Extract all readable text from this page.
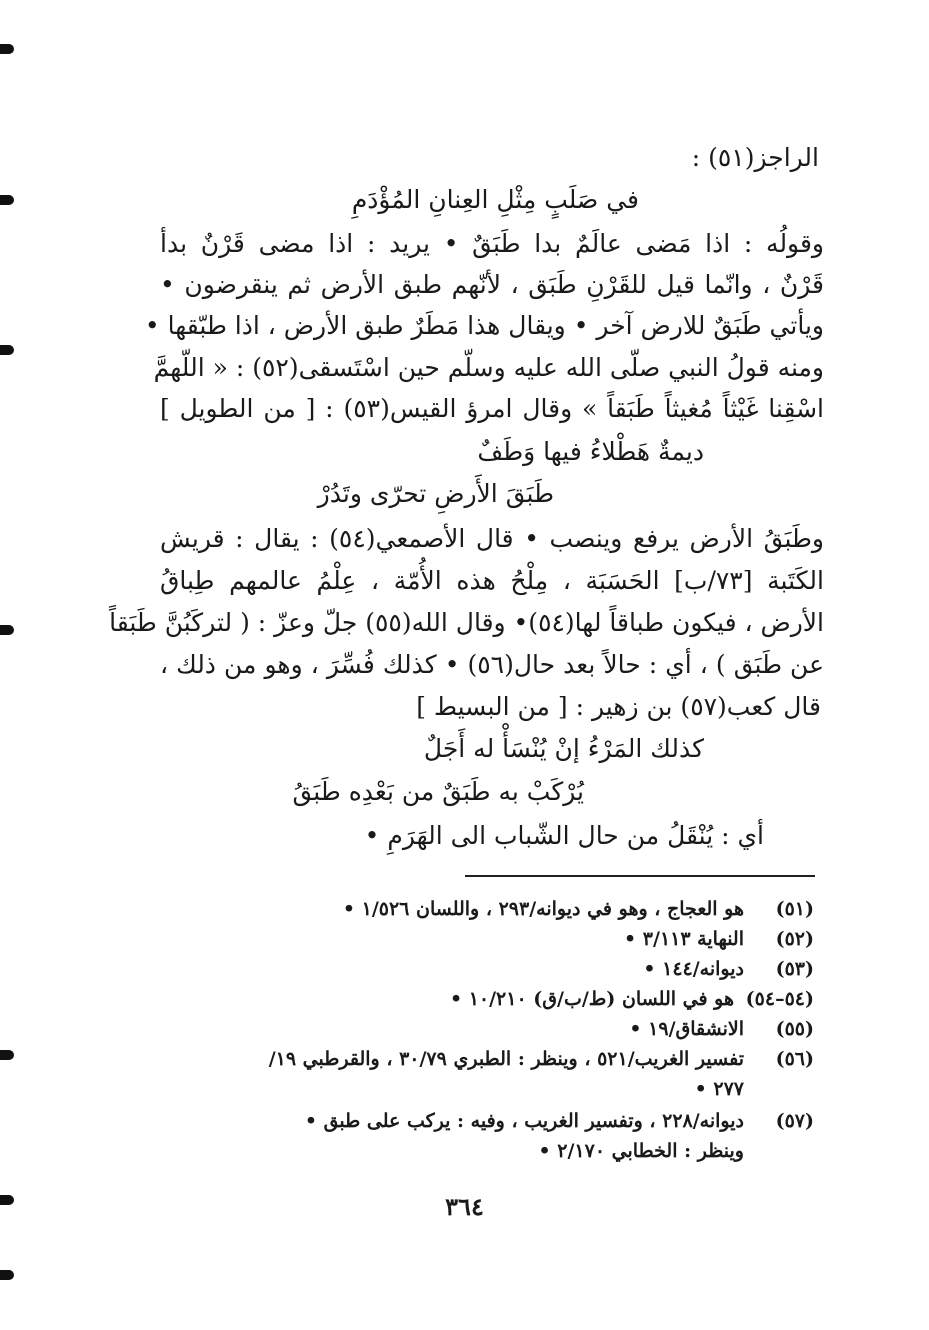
الراجز(٥١) :
في صَلَبٍ مِثْلِ العِنانِ المُؤْدَمِ
وقولُه : اذا مَضى عالَمٌ بدا طَبَقٌ • يريد : اذا مضى قَرْنٌ بدأ
قَرْنٌ ، وانّما قيل للقَرْنِ طَبَق ، لأنّهم طبق الأرض ثم ينقرضون •
ويأتي طَبَقٌ للارض آخر • ويقال هذا مَطَرٌ طبق الأرض ، اذا طبّقها •
ومنه قولُ النبي صلّى الله عليه وسلّم حين اسْتَسقى(٥٢) : « اللّهمَّ
اسْقِنا غَيْثاً مُغيثاً طَبَقاً » وقال امرؤ القيس(٥٣) : [ من الطويل ]
ديمةٌ هَطْلاءُ فيها وَطَفٌ
طَبَقَ الأَرضِ تحرّى وتَدُرْ
وطَبَقُ الأرض يرفع وينصب • قال الأصمعي(٥٤) : يقال : قريش
الكَتَبة [٧٣/ب] الحَسَبَة ، مِلْحُ هذه الأُمّة ، عِلْمُ عالمهم طِباقُ
الأرض ، فيكون طباقاً لها(٥٤)• وقال الله(٥٥) جلّ وعزّ : ( لتركَبُنَّ طَبَقاً
عن طَبَق ) ، أي : حالاً بعد حال(٥٦) • كذلك فُسِّرَ ، وهو من ذلك ،
قال كعب(٥٧) بن زهير : [ من البسيط ]
كذلك المَرْءُ إنْ يُنْسَأْ له أَجَلٌ
يُرْكَبْ به طَبَقٌ من بَعْدِه طَبَقُ
أي : يُنْقَلُ من حال الشّباب الى الهَرَمِ •
(٥١)
هو العجاج ، وهو في ديوانه/٢٩٣ ، واللسان ١/٥٢٦ •
(٥٢)
النهاية ٣/١١٣ •
(٥٣)
ديوانه/١٤٤ •
(٥٤–٥٤)
هو في اللسان (ط/ب/ق) ١٠/٢١٠ •
(٥٥)
الانشقاق/١٩ •
(٥٦)
تفسير الغريب/٥٢١ ، وينظر : الطبري ٣٠/٧٩ ، والقرطبي ١٩/
٢٧٧ •
(٥٧)
ديوانه/٢٢٨ ، وتفسير الغريب ، وفيه : يركب على طبق •
وينظر : الخطابي ٢/١٧٠ •
٣٦٤
